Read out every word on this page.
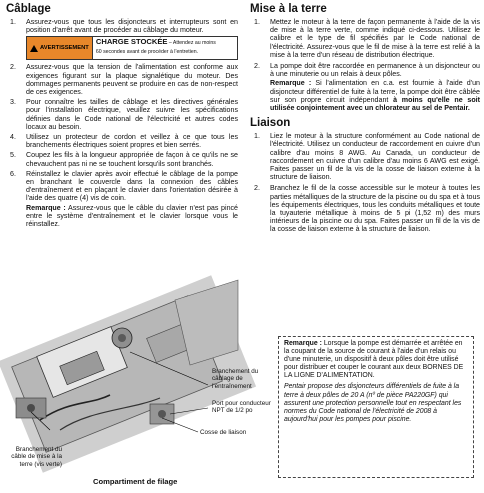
Câblage
1. Assurez-vous que tous les disjoncteurs et interrupteurs sont en position d'arrêt avant de procéder au câblage du moteur.

AVERTISSEMENT
CHARGE STOCKÉE – Attendez au moins
60 secondes avant de procéder à l'entretien.
2. Assurez-vous que la tension de l'alimentation est conforme aux exigences figurant sur la plaque signalétique du moteur. Des dommages permanents peuvent se produire en cas de non-respect de ces exigences.

3. Pour connaître les tailles de câblage et les directives générales pour l'installation électrique, veuillez suivre les spécifications définies dans le Code national de l'électricité et autres codes locaux au besoin.

4. Utilisez un protecteur de cordon et veillez à ce que tous les branchements électriques soient propres et bien serrés.

5. Coupez les fils à la longueur appropriée de façon à ce qu'ils ne se chevauchent pas ni ne se touchent lorsqu'ils sont branchés.

6. Réinstallez le clavier après avoir effectué le câblage de la pompe en branchant le couvercle dans la connexion des câbles d'entraînement et en plaçant le clavier dans l'orientation désirée à l'aide des quatre (4) vis de coin.

Remarque : Assurez-vous que le câble du clavier n'est pas pincé entre le système d'entraînement et le clavier lorsque vous le réinstallez.

Branchement du câblage de l'entraînement
Port pour conducteur NPT de 1/2 po
Cosse de liaison
Branchement du câble de mise à la terre (vis verte)
Compartiment de filage
Mise à la terre
1. Mettez le moteur à la terre de façon permanente à l'aide de la vis de mise à la terre verte, comme indiqué ci-dessous. Utilisez le calibre et le type de fil spécifiés par le Code national de l'électricité. Assurez-vous que le fil de mise à la terre est relié à la mise à la terre d'un réseau de distribution électrique.

2. La pompe doit être raccordée en permanence à un disjoncteur ou à une minuterie ou un relais à deux pôles.

Remarque : Si l'alimentation en c.a. est fournie à l'aide d'un disjoncteur différentiel de fuite à la terre, la pompe doit être câblée sur son propre circuit indépendant à moins qu'elle ne soit utilisée conjointement avec un chlorateur au sel de Pentair.

Liaison
1. Liez le moteur à la structure conformément au Code national de l'électricité. Utilisez un conducteur de raccordement en cuivre d'un calibre d'au moins 8 AWG. Au Canada, un conducteur de raccordement en cuivre d'un calibre d'au moins 6 AWG est exigé. Faites passer un fil de la vis de la cosse de liaison externe à la structure de liaison.

2. Branchez le fil de la cosse accessible sur le moteur à toutes les parties métalliques de la structure de la piscine ou du spa et à tous les équipements électriques, tous les conduits métalliques et toute la tuyauterie métallique à moins de 5 pi (1,52 m) des murs intérieurs de la piscine ou du spa. Faites passer un fil de la vis de la cosse de liaison externe à la structure de liaison.

Remarque : Lorsque la pompe est démarrée et arrêtée en la coupant de la source de courant à l'aide d'un relais ou d'une minuterie, un dispositif à deux pôles doit être utilisé pour distribuer et couper le courant aux deux BORNES DE LA LIGNE D'ALIMENTATION.

Pentair propose des disjoncteurs différentiels de fuite à la terre à deux pôles de 20 A (nº de pièce PA220GF) qui assurent une protection personnelle tout en respectant les normes du Code national de l'électricité de 2008 à aujourd'hui pour les pompes pour piscine.
